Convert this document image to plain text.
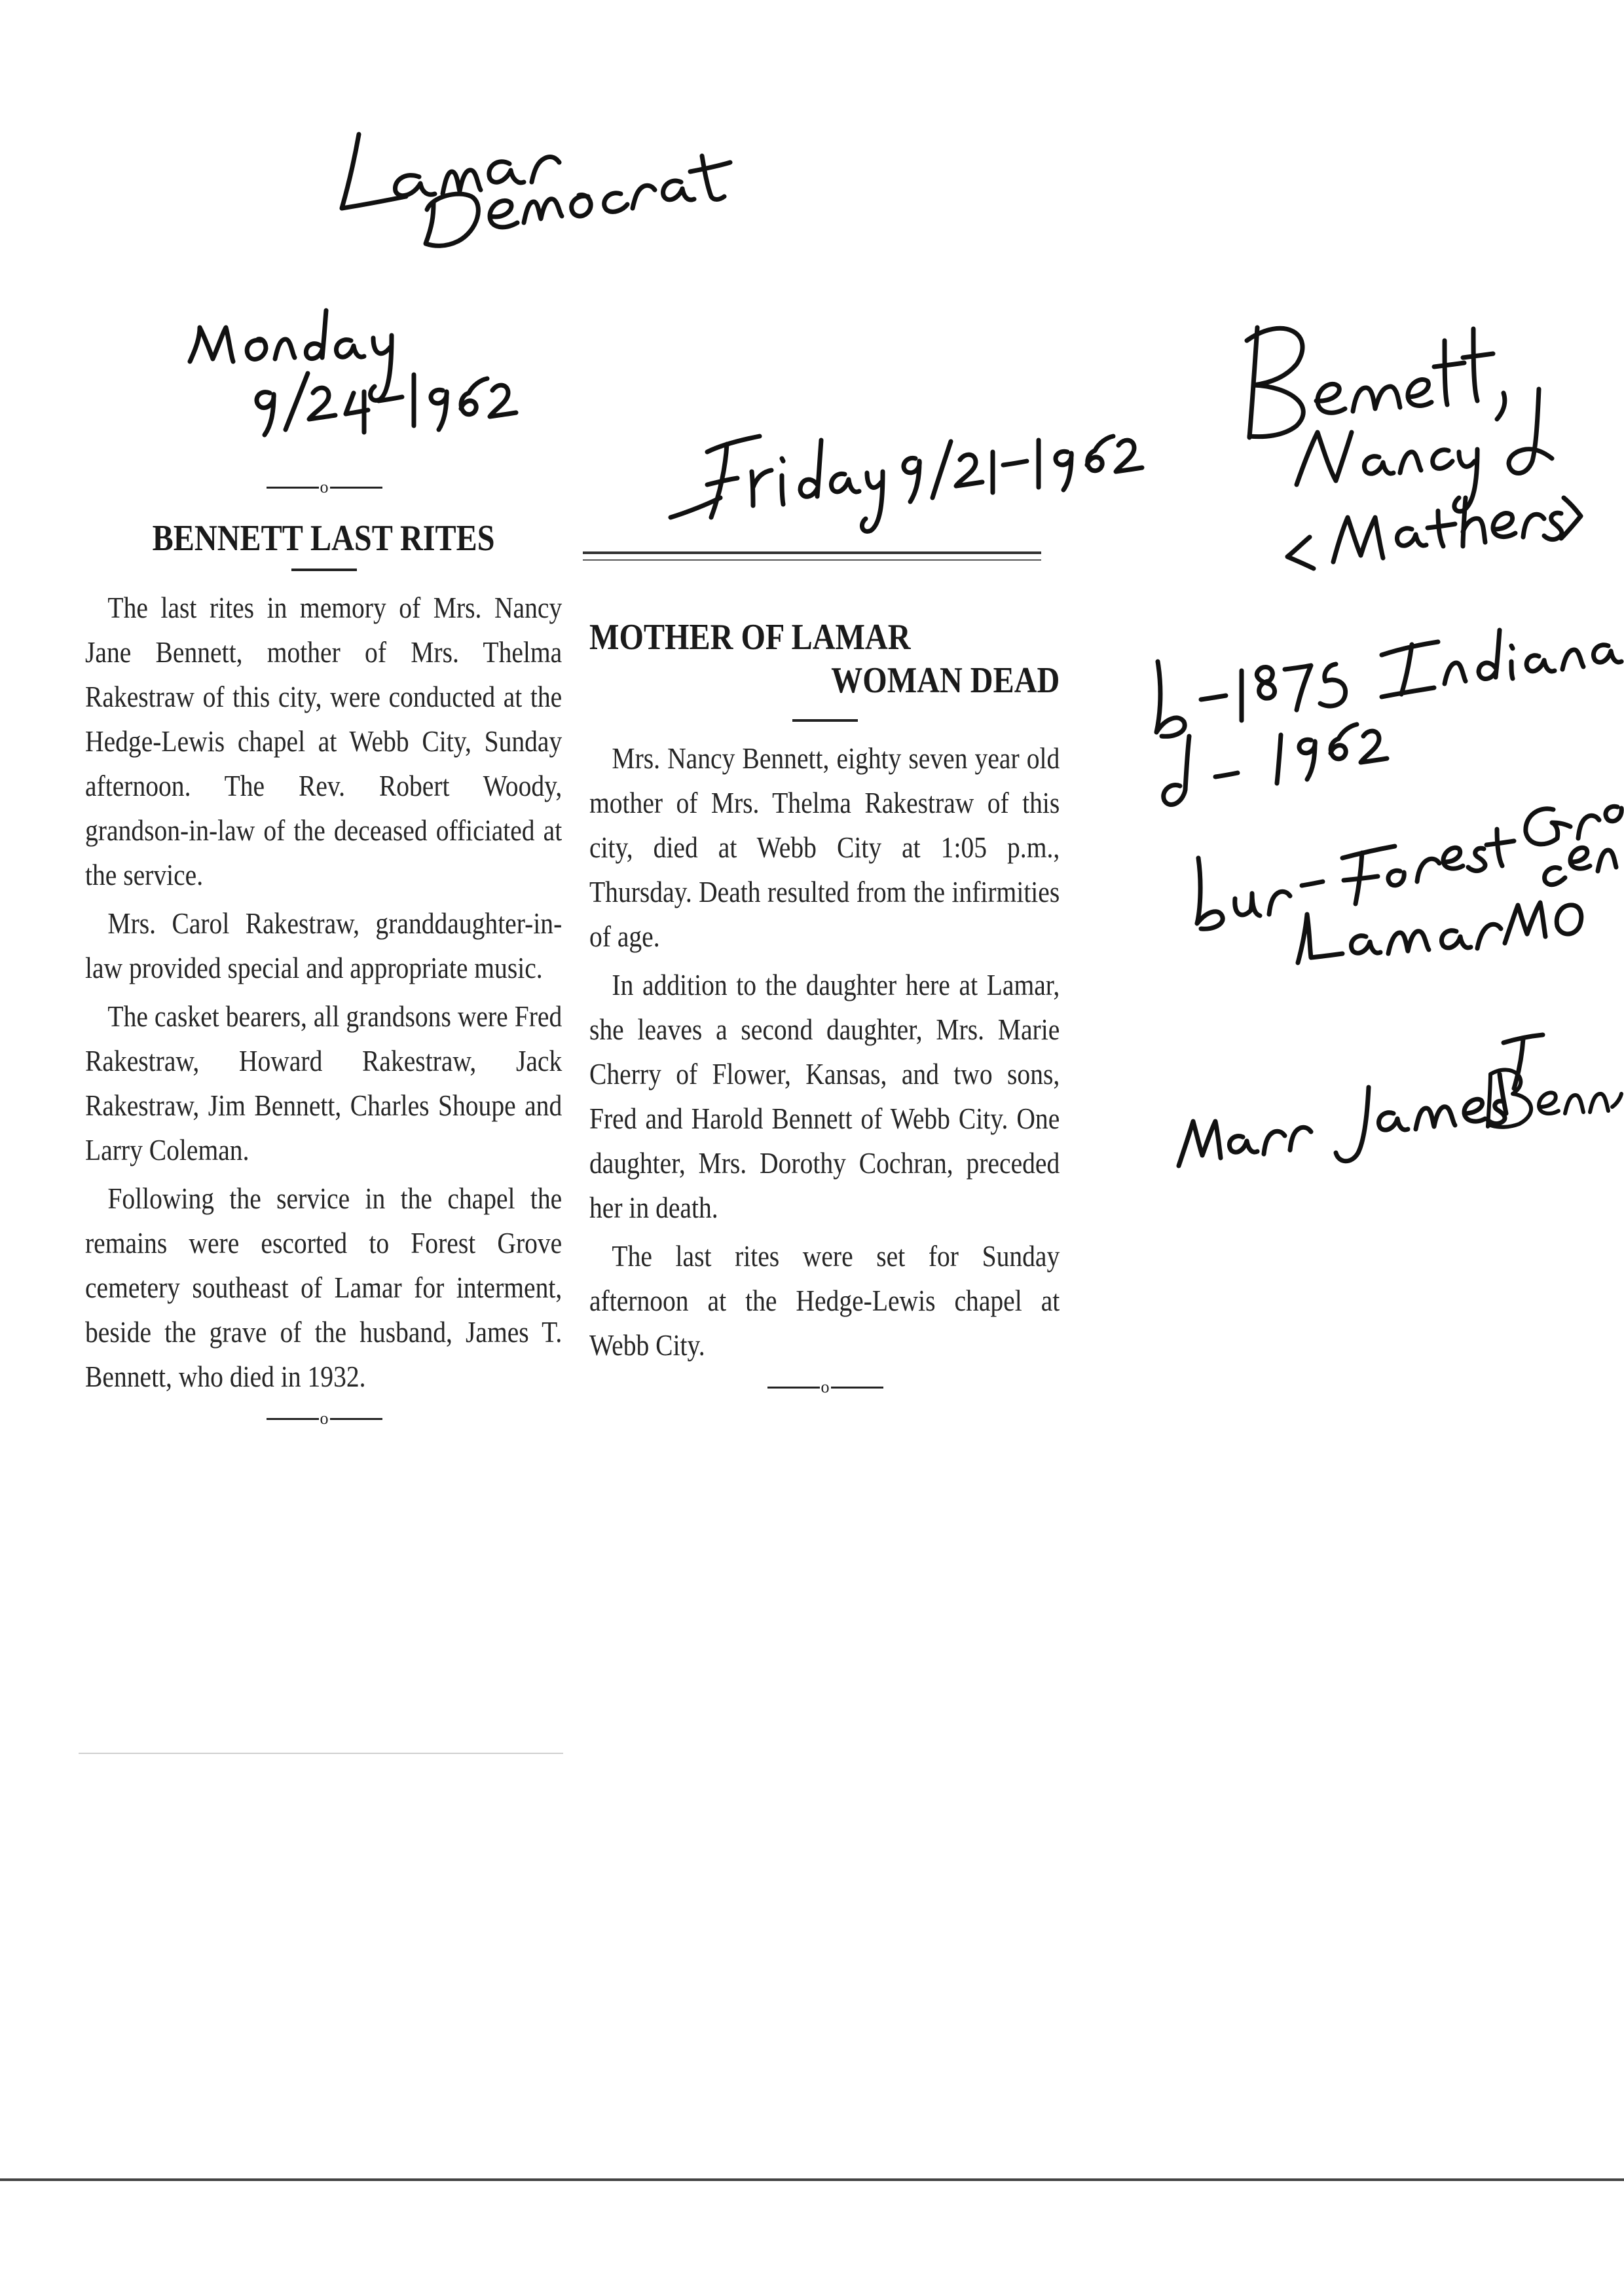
o
BENNETT LAST RITES

The last rites in memory of Mrs. Nancy Jane Bennett, mother of Mrs. Thelma Rakestraw of this city, were conducted at the Hedge-Lewis chapel at Webb City, Sunday afternoon. The Rev. Robert Woody, grandson-in-law of the deceased officiated at the service.

Mrs. Carol Rakestraw, granddaughter-in-law provided special and appropriate music.

The casket bearers, all grandsons were Fred Rakestraw, Howard Rakestraw, Jack Rakestraw, Jim Bennett, Charles Shoupe and Larry Coleman.

Following the service in the chapel the remains were escorted to Forest Grove cemetery southeast of Lamar for interment, beside the grave of the husband, James T. Bennett, who died in 1932.

o
MOTHER OF LAMAR
WOMAN DEAD

Mrs. Nancy Bennett, eighty seven year old mother of Mrs. Thelma Rakestraw of this city, died at Webb City at 1:05 p.m., Thursday. Death resulted from the infirmities of age.

In addition to the daughter here at Lamar, she leaves a second daughter, Mrs. Marie Cherry of Flower, Kansas, and two sons, Fred and Harold Bennett of Webb City. One daughter, Mrs. Dorothy Cochran, preceded her in death.

The last rites were set for Sunday afternoon at the Hedge-Lewis chapel at Webb City.

o
